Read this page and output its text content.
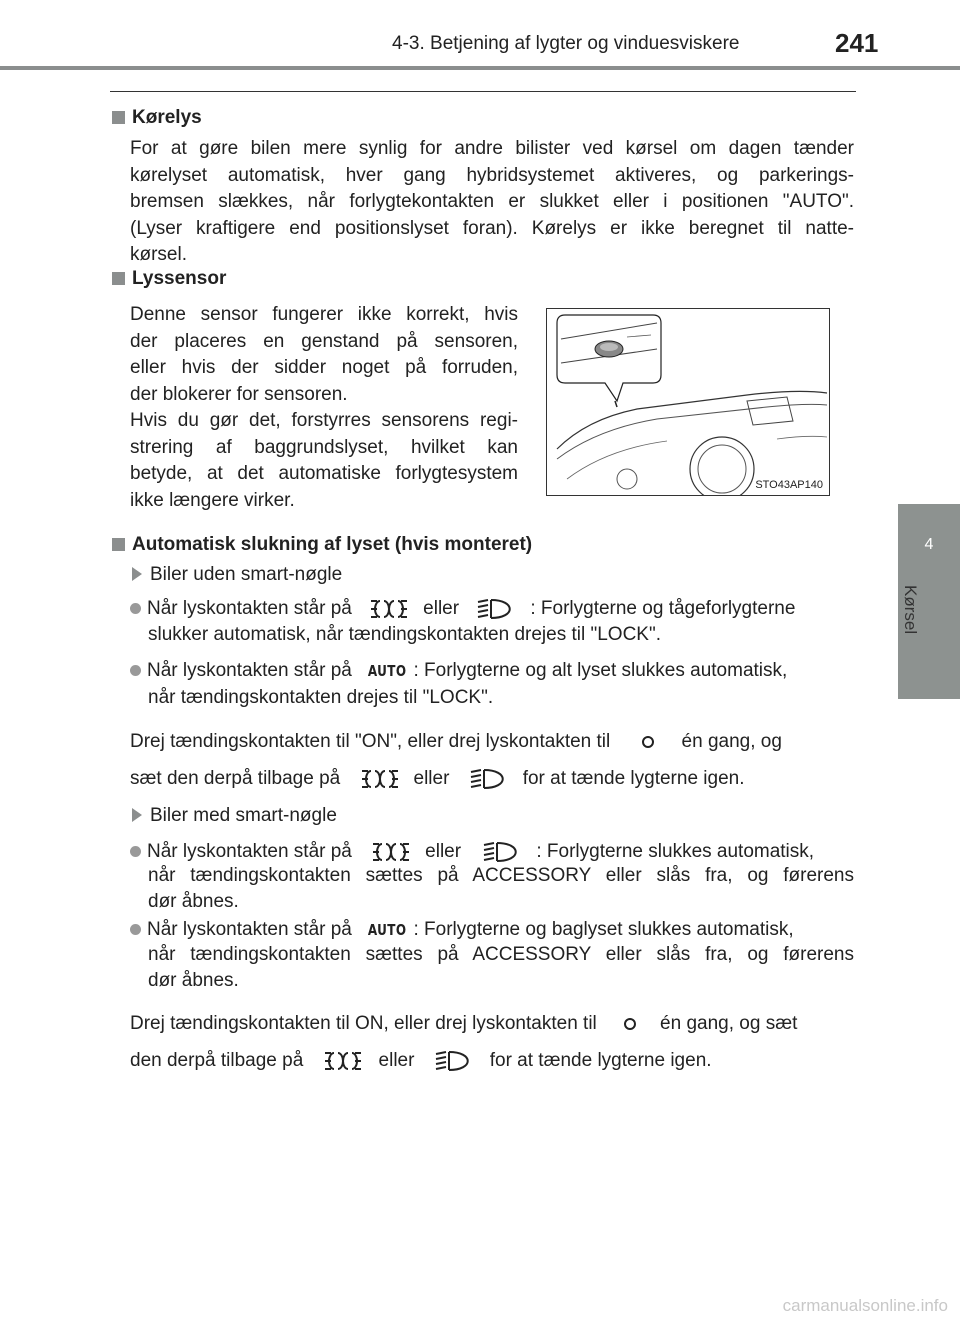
4-3. Betjening af lygter og vinduesviskere	241
4
Kørsel
Kørelys
For at gøre bilen mere synlig for andre bilister ved kørsel om dagen tænder
kørelyset automatisk, hver gang hybridsystemet aktiveres, og parkerings-
bremsen slækkes, når forlygtekontakten er slukket eller i positionen "AUTO".
(Lyser kraftigere end positionslyset foran). Kørelys er ikke beregnet til natte-
kørsel.
Lyssensor
Denne sensor fungerer ikke korrekt, hvis
der placeres en genstand på sensoren,
eller hvis der sidder noget på forruden,
der blokerer for sensoren.
Hvis du gør det, forstyrres sensorens regi-
strering af baggrundslyset, hvilket kan
betyde, at det automatiske forlygtesystem
ikke længere virker.
STO43AP140
Automatisk slukning af lyset (hvis monteret)
Biler uden smart-nøgle
Når lyskontakten står på	eller	: Forlygterne og tågeforlygterne
slukker automatisk, når tændingskontakten drejes til "LOCK".
Når lyskontakten står på AUTO : Forlygterne og alt lyset slukkes automatisk,
når tændingskontakten drejes til "LOCK".
Drej tændingskontakten til "ON", eller drej lyskontakten til	én gang, og
sæt den derpå tilbage på	eller	for at tænde lygterne igen.
Biler med smart-nøgle
Når lyskontakten står på	eller	: Forlygterne slukkes automatisk,
når tændingskontakten sættes på ACCESSORY eller slås fra, og førerens
dør åbnes.
Når lyskontakten står på AUTO : Forlygterne og baglyset slukkes automatisk,
når tændingskontakten sættes på ACCESSORY eller slås fra, og førerens
dør åbnes.
Drej tændingskontakten til ON, eller drej lyskontakten til	én gang, og sæt
den derpå tilbage på	eller	for at tænde lygterne igen.
carmanualsonline.info
